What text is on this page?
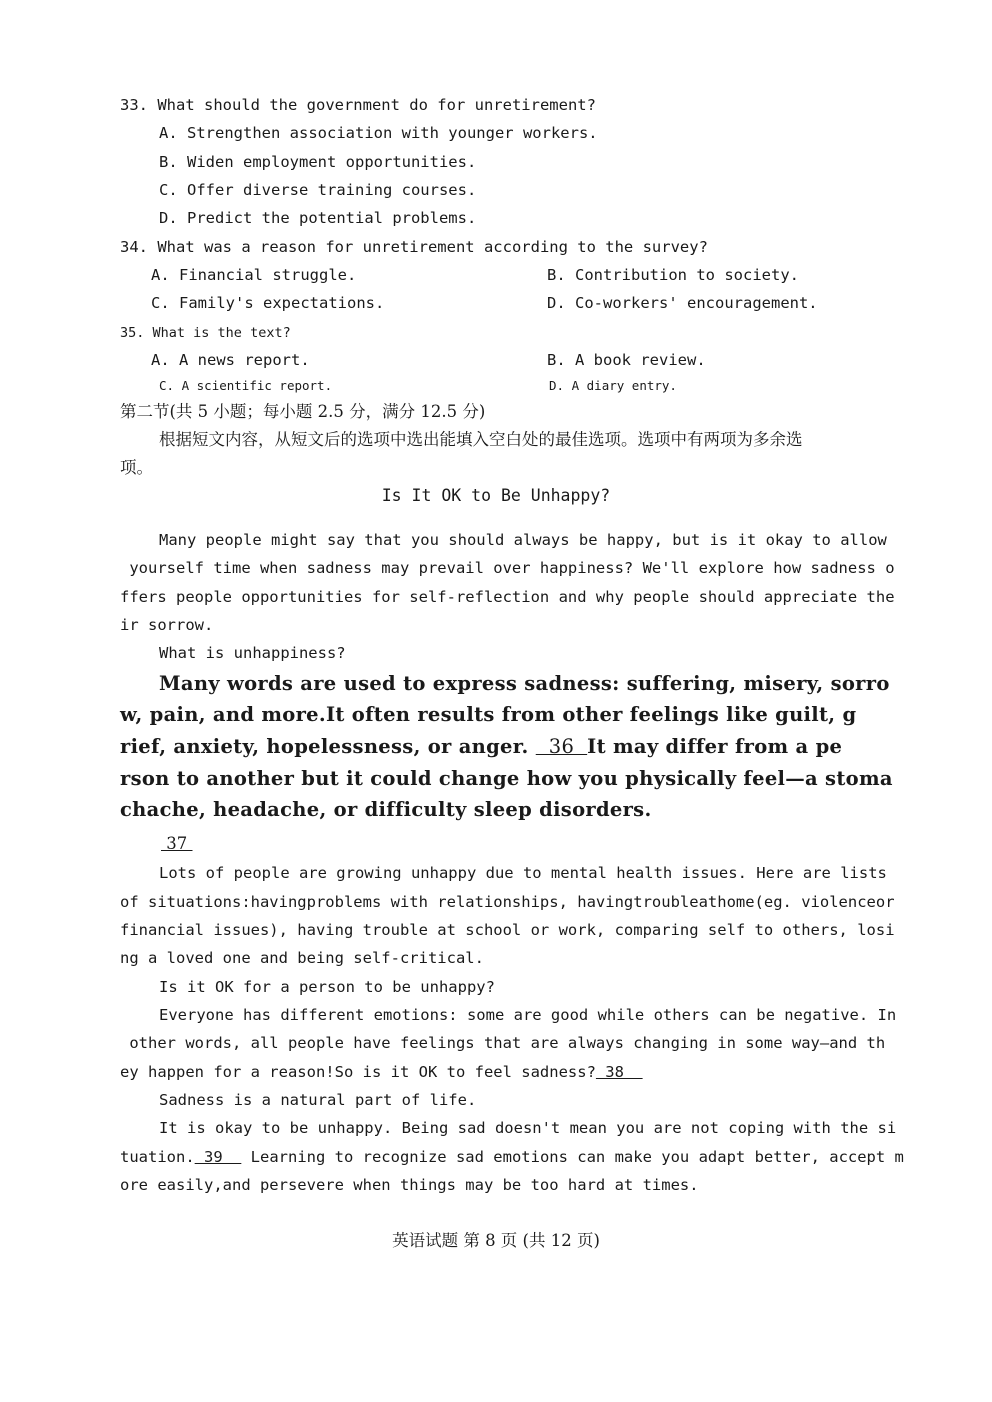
33. What should the government do for unretirement?
A. Strengthen association with younger workers.
B. Widen employment opportunities.
C. Offer diverse training courses.
D. Predict the potential problems.
34. What was a reason for unretirement according to the survey?
A. Financial struggle.	B. Contribution to society.
C. Family's expectations.	D. Co-workers' encouragement.
35. What is the text?
A. A news report.	B. A book review.
C. A scientific report.	D. A diary entry.
第二节(共 5 小题；每小题 2.5 分，满分 12.5 分)
根据短文内容，从短文后的选项中选出能填入空白处的最佳选项。选项中有两项为多余选
项。
Is It OK to Be Unhappy?
Many people might say that you should always be happy, but is it okay to allow
yourself time when sadness may prevail over happiness? We'll explore how sadness o
ffers people opportunities for self-reflection and why people should appreciate the
ir sorrow.
What is unhappiness?
Many words are used to express sadness: suffering, misery, sorro
w, pain, and more.It often results from other feelings like guilt, g
rief, anxiety, hopelessness, or anger.   36  It may differ from a pe
rson to another but it could change how you physically feel—a stoma
chache, headache, or difficulty sleep disorders.
37
Lots of people are growing unhappy due to mental health issues. Here are lists
of situations:havingproblems with relationships, havingtroubleathome(eg. violenceor
financial issues), having trouble at school or work, comparing self to others, losi
ng a loved one and being self-critical.
Is it OK for a person to be unhappy?
Everyone has different emotions: some are good while others can be negative. In
other words, all people have feelings that are always changing in some way—and th
ey happen for a reason!So is it OK to feel sadness? 38
Sadness is a natural part of life.
It is okay to be unhappy. Being sad doesn't mean you are not coping with the si
tuation. 39   Learning to recognize sad emotions can make you adapt better, accept m
ore easily,and persevere when things may be too hard at times.
英语试题 第 8 页 (共 12 页)
